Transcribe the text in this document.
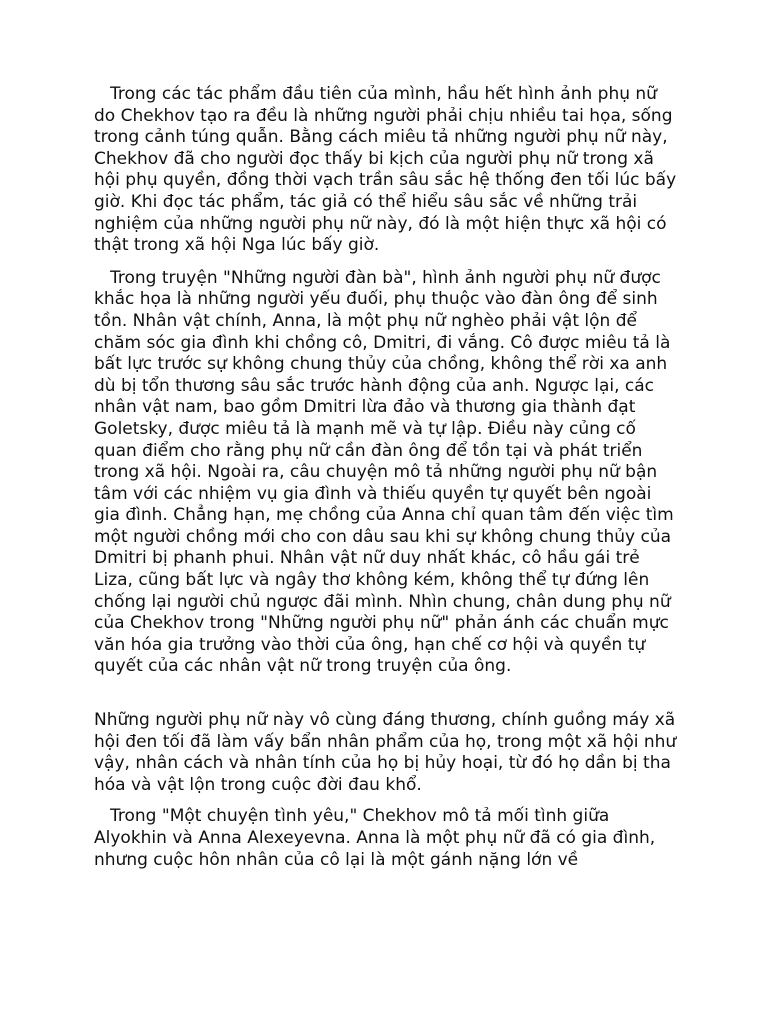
Trong các tác phẩm đầu tiên của mình, hầu hết hình ảnh phụ nữ do Chekhov tạo ra đều là những người phải chịu nhiều tai họa, sống trong cảnh túng quẫn. Bằng cách miêu tả những người phụ nữ này, Chekhov đã cho người đọc thấy bi kịch của người phụ nữ trong xã hội phụ quyền, đồng thời vạch trần sâu sắc hệ thống đen tối lúc bấy giờ. Khi đọc tác phẩm, tác giả có thể hiểu sâu sắc về những trải nghiệm của những người phụ nữ này, đó là một hiện thực xã hội có thật trong xã hội Nga lúc bấy giờ.

Trong truyện "Những người đàn bà", hình ảnh người phụ nữ được khắc họa là những người yếu đuối, phụ thuộc vào đàn ông để sinh tồn. Nhân vật chính, Anna, là một phụ nữ nghèo phải vật lộn để chăm sóc gia đình khi chồng cô, Dmitri, đi vắng. Cô được miêu tả là bất lực trước sự không chung thủy của chồng, không thể rời xa anh dù bị tổn thương sâu sắc trước hành động của anh. Ngược lại, các nhân vật nam, bao gồm Dmitri lừa đảo và thương gia thành đạt Goletsky, được miêu tả là mạnh mẽ và tự lập. Điều này củng cố quan điểm cho rằng phụ nữ cần đàn ông để tồn tại và phát triển trong xã hội. Ngoài ra, câu chuyện mô tả những người phụ nữ bận tâm với các nhiệm vụ gia đình và thiếu quyền tự quyết bên ngoài gia đình. Chẳng hạn, mẹ chồng của Anna chỉ quan tâm đến việc tìm một người chồng mới cho con dâu sau khi sự không chung thủy của Dmitri bị phanh phui. Nhân vật nữ duy nhất khác, cô hầu gái trẻ Liza, cũng bất lực và ngây thơ không kém, không thể tự đứng lên chống lại người chủ ngược đãi mình. Nhìn chung, chân dung phụ nữ của Chekhov trong "Những người phụ nữ" phản ánh các chuẩn mực văn hóa gia trưởng vào thời của ông, hạn chế cơ hội và quyền tự quyết của các nhân vật nữ trong truyện của ông.

Những người phụ nữ này vô cùng đáng thương, chính guồng máy xã hội đen tối đã làm vấy bẩn nhân phẩm của họ, trong một xã hội như vậy, nhân cách và nhân tính của họ bị hủy hoại, từ đó họ dần bị tha hóa và vật lộn trong cuộc đời đau khổ.

Trong "Một chuyện tình yêu," Chekhov mô tả mối tình giữa Alyokhin và Anna Alexeyevna. Anna là một phụ nữ đã có gia đình, nhưng cuộc hôn nhân của cô lại là một gánh nặng lớn về
